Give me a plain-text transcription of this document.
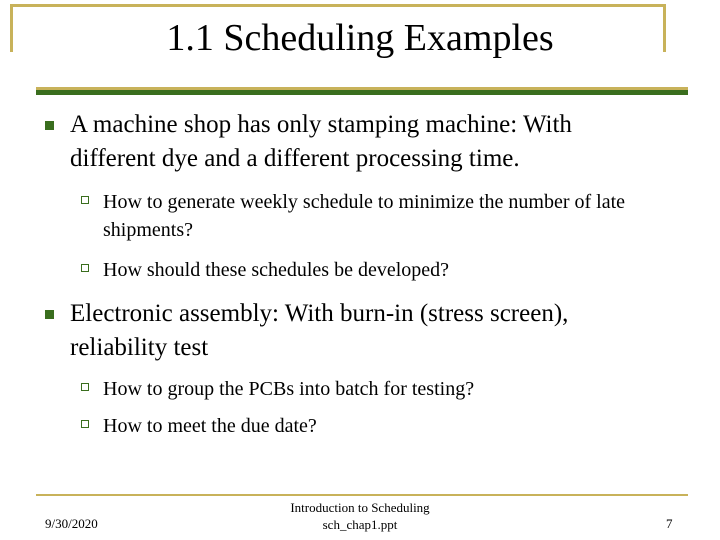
1.1 Scheduling Examples
A machine shop has only stamping machine: With different dye and a different processing time.
How to generate weekly schedule to minimize the number of late shipments?
How should these schedules be developed?
Electronic assembly: With burn-in (stress screen), reliability test
How to group the PCBs into batch for testing?
How to meet the due date?
9/30/2020
Introduction to Scheduling
sch_chap1.ppt	7
